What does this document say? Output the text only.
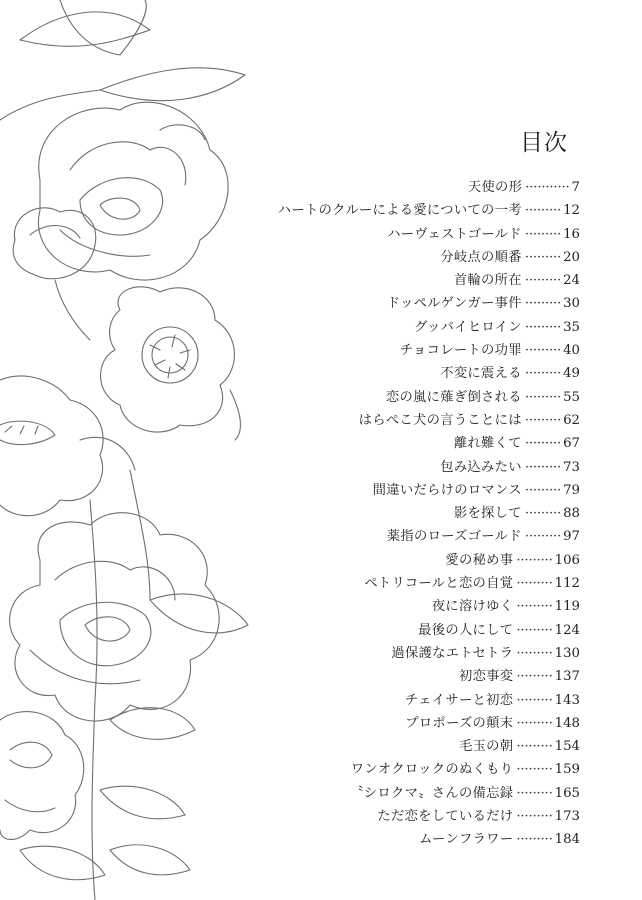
目次
天使の形 ··········· 7
ハートのクルーによる愛についての一考 ········· 12
ハーヴェストゴールド ········· 16
分岐点の順番 ········· 20
首輪の所在 ········· 24
ドッペルゲンガー事件 ········· 30
グッバイヒロイン ········· 35
チョコレートの功罪 ········· 40
不変に震える ········· 49
恋の嵐に薙ぎ倒される ········· 55
はらぺこ犬の言うことには ········· 62
離れ難くて ········· 67
包み込みたい ········· 73
間違いだらけのロマンス ········· 79
影を探して ········· 88
薬指のローズゴールド ········· 97
愛の秘め事 ········· 106
ペトリコールと恋の自覚 ········· 112
夜に溶けゆく ········· 119
最後の人にして ········· 124
過保護なエトセトラ ········· 130
初恋事変 ········· 137
チェイサーと初恋 ········· 143
プロポーズの顛末 ········· 148
毛玉の朝 ········· 154
ワンオクロックのぬくもり ········· 159
〝シロクマ〟さんの備忘録 ········· 165
ただ恋をしているだけ ········· 173
ムーンフラワー ········· 184
